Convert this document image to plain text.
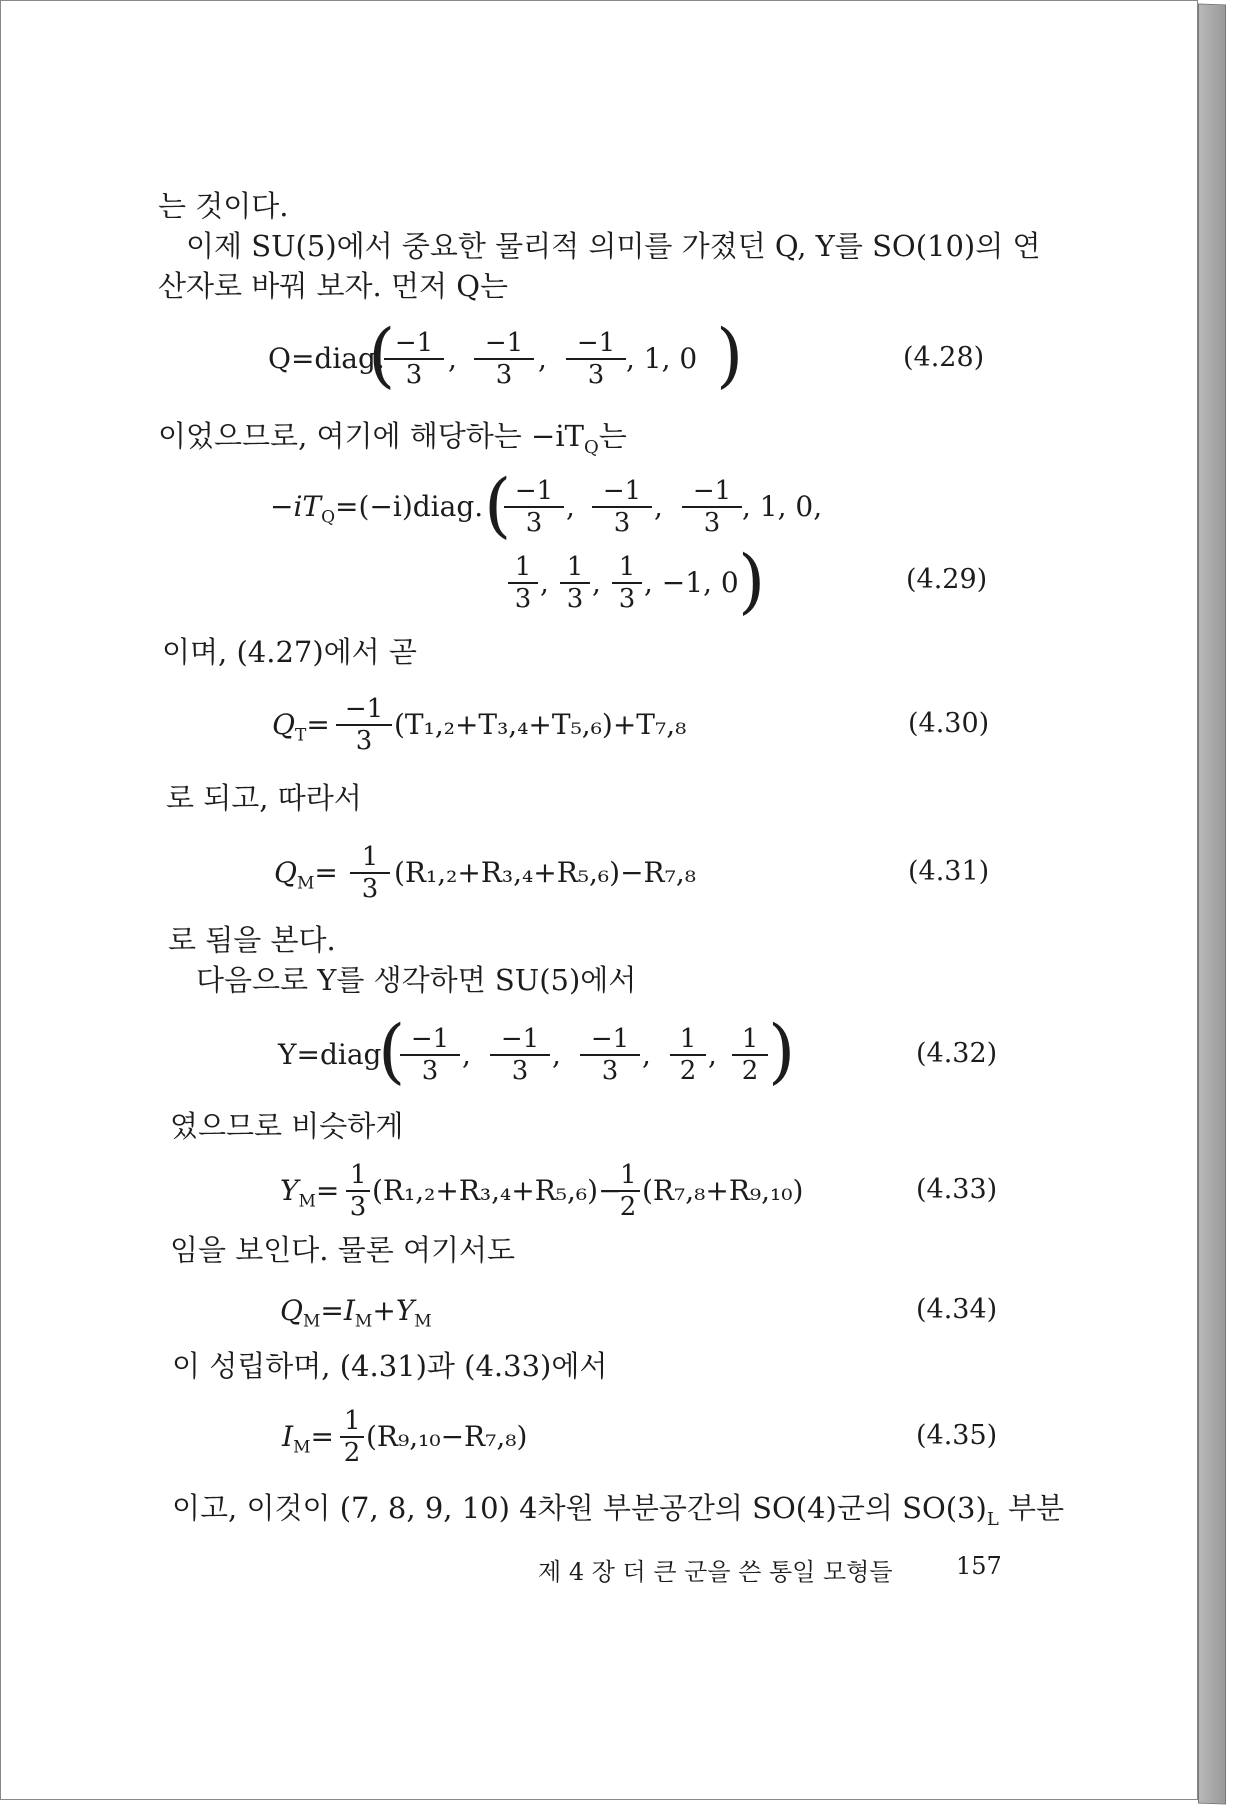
는 것이다.
이제 SU(5)에서 중요한 물리적 의미를 가졌던 Q, Y를 SO(10)의 연
산자로 바꿔 보자. 먼저 Q는
Q=diag.
(
$\frac{-1}{3}$ , $\frac{-1}{3}$ , $\frac{-1}{3}$ , 1, 0 )	(4.28)
이었으므로, 여기에 해당하는 $-iT_Q$는
$-iT_Q=(-i)diag$. (
$\frac{-1}{3}$ , $\frac{-1}{3}$ , $\frac{-1}{3}$ , 1, 0,
$\frac{1}{3}$ , $\frac{1}{3}$ , $\frac{1}{3}$ , −1, 0 )	(4.29)
이며, (4.27)에서 곧
$Q_T= \frac{-1}{3} (T_1,_2+T_3,_4+T_5,_6)+T_7,_8$	(4.30)
로 되고, 따라서
$Q_M= \frac{1}{3} (R_1,_2+R_3,_4+R_5,_6)-R_7,_8$	(4.31)
로 됨을 본다.
다음으로 Y를 생각하면 SU(5)에서
Y=diag.
(
$\frac{-1}{3}$ , $\frac{-1}{3}$ , $\frac{-1}{3}$ , $\frac{1}{2}$ , $\frac{1}{2}$ )	(4.32)
였으므로 비슷하게
$Y_M= \frac{1}{3} (R_1,_2+R_3,_4+R_5,_6)-$
$\frac{1}{2} (R_7,_8+R_9,_{10})$	(4.33)
임을 보인다. 물론 여기서도
$Q_M=I_M+Y_M$	(4.34)
이 성립하며, (4.31)과 (4.33)에서
$I_M= \frac{1}{2} (R_9,_{10}-R_7,_8)$	(4.35)
이고, 이것이 (7, 8, 9, 10) 4차원 부분공간의 SO(4)군의 $SO(3)_L$ 부분
제 4 장 더 큰 군을 쓴 통일 모형들	157
